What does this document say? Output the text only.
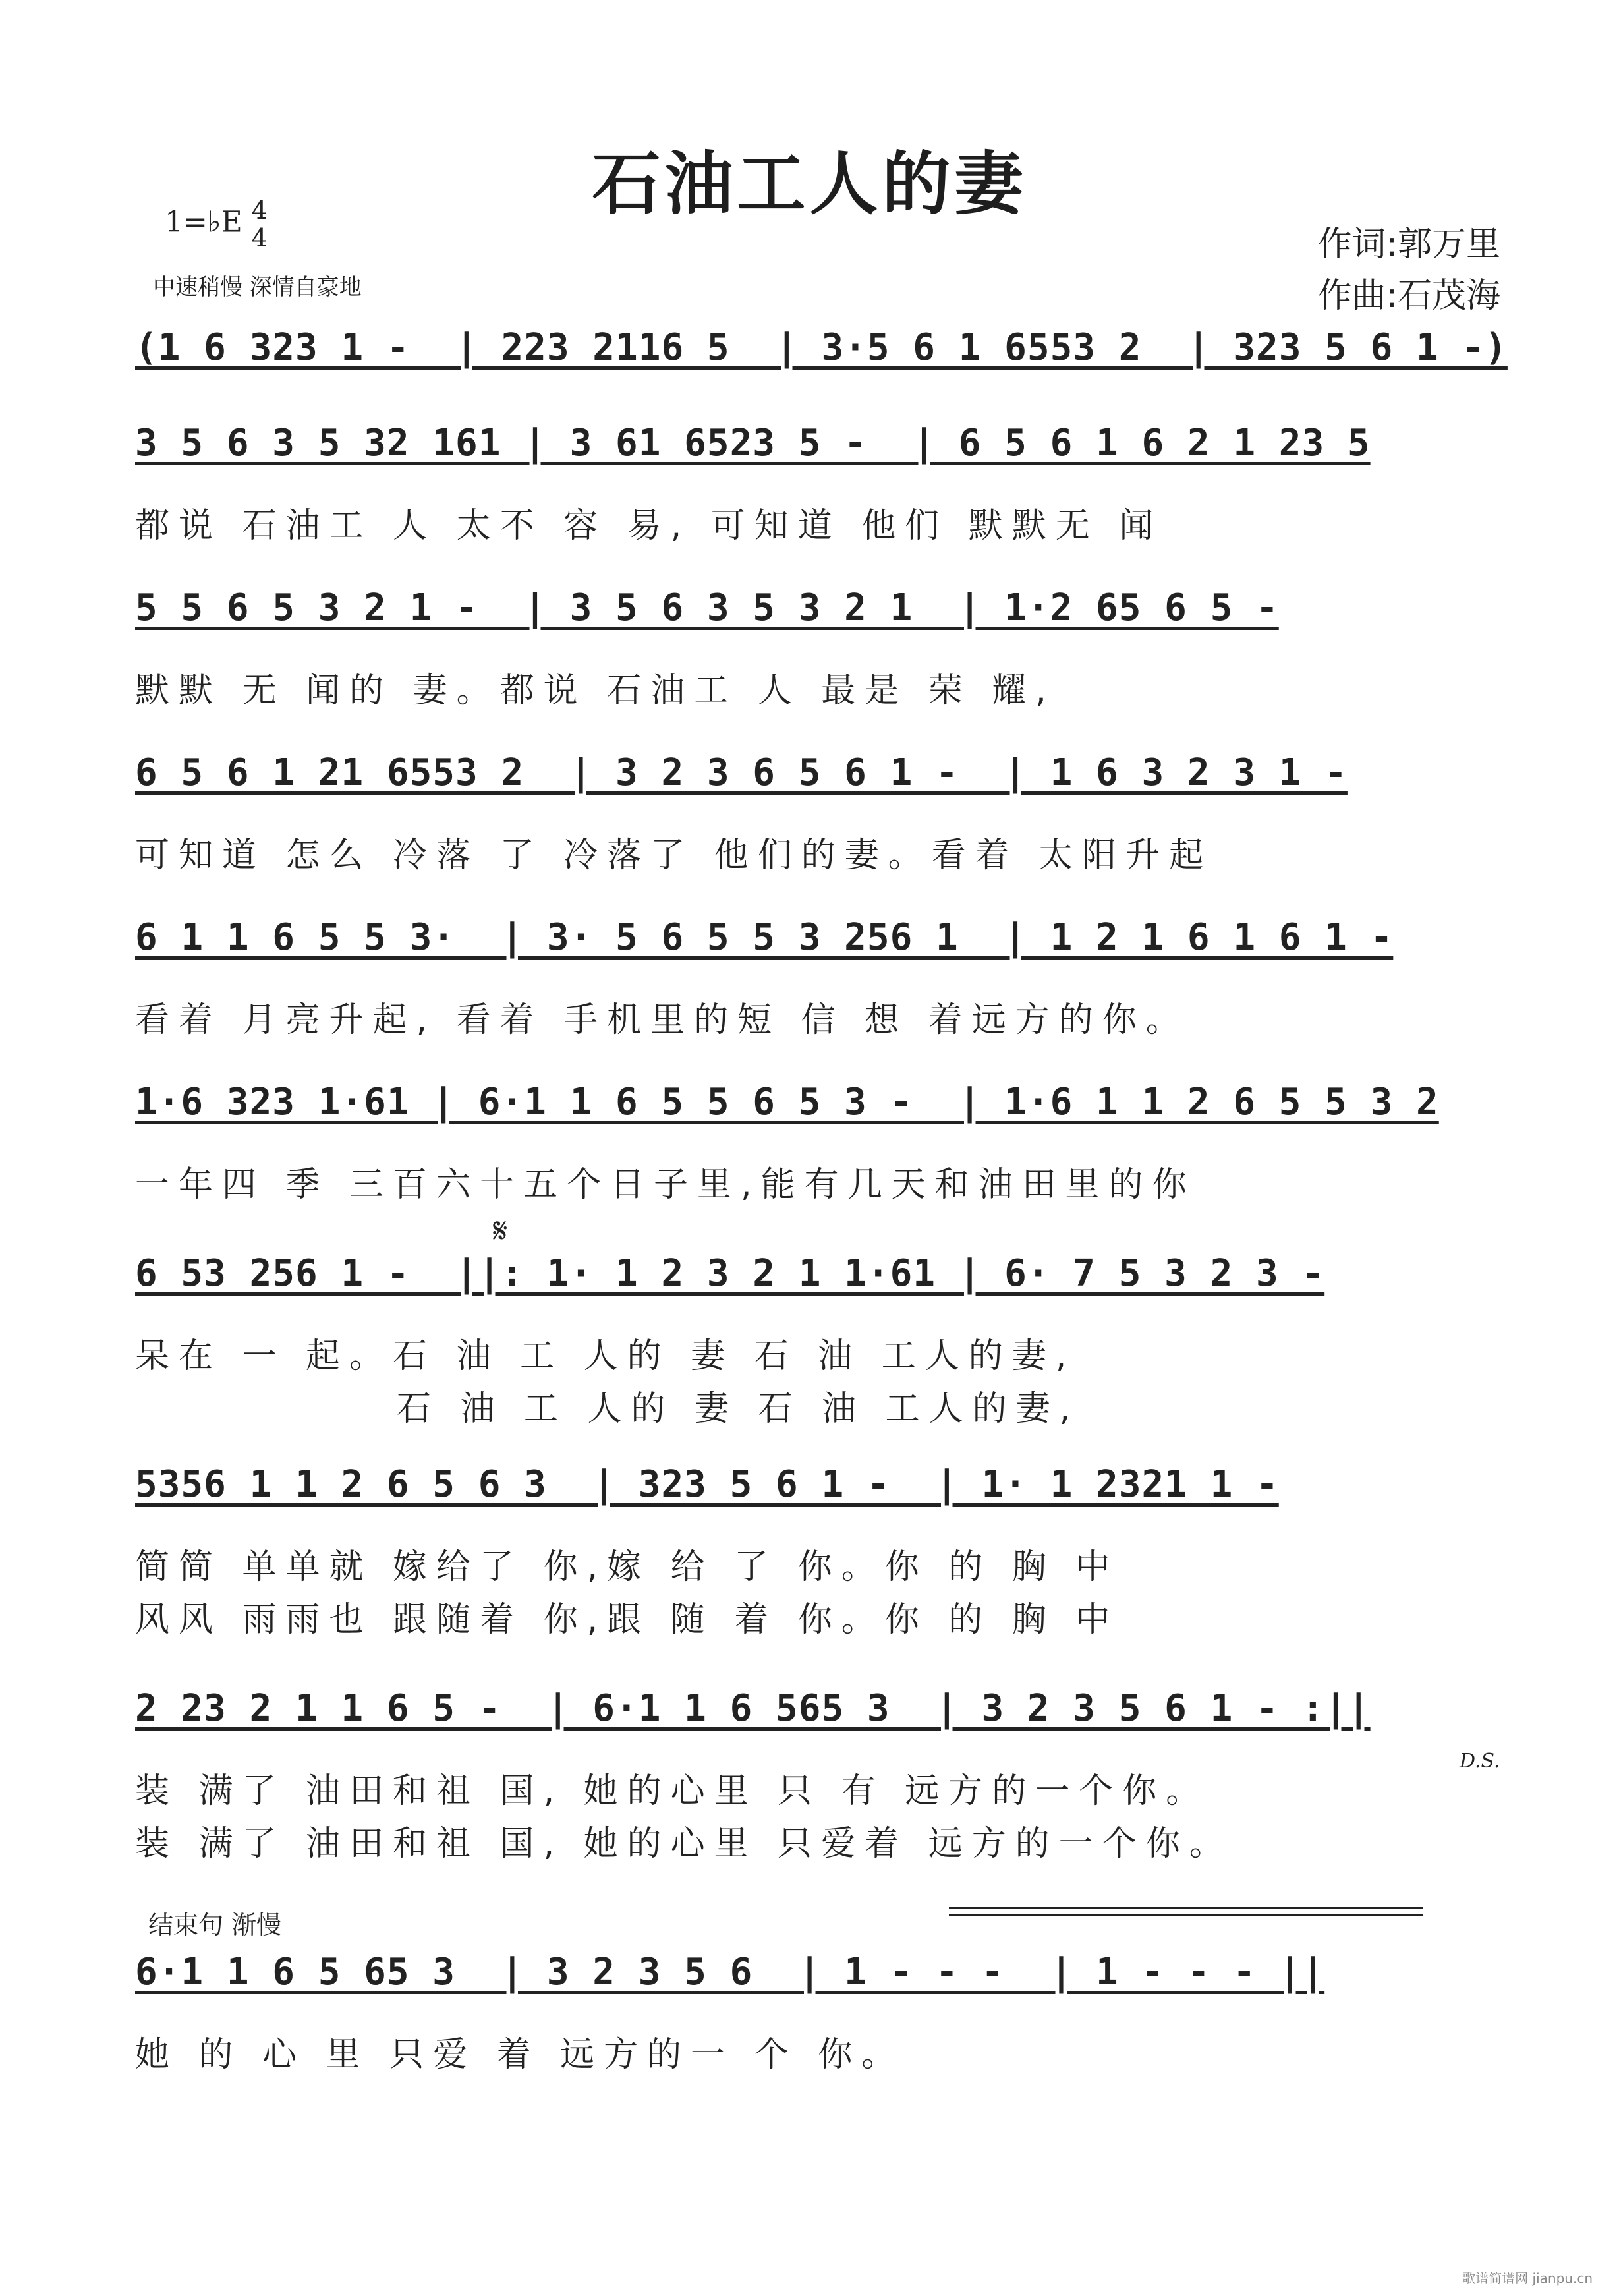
石油工人的妻
1=♭E 4
4
中速稍慢 深情自豪地
作词:郭万里
作曲:石茂海
(1 6 323 1 -  | 223 2116 5  | 3·5 6 1 6553 2  | 323 5 6 1 -)
3 5 6 3 5 32 161 | 3 61 6523 5 -  | 6 5 6 1 6 2 1 23 5
都说 石油工 人 太不 容 易, 可知道 他们 默默无 闻
5 5 6 5 3 2 1 -  | 3 5 6 3 5 3 2 1  | 1·2 65 6 5 -
默默 无 闻的 妻。都说 石油工 人 最是 荣 耀,
6 5 6 1 21 6553 2  | 3 2 3 6 5 6 1 -  | 1 6 3 2 3 1 -
可知道 怎么 冷落 了 冷落了 他们的妻。看着 太阳升起
6 1 1 6 5 5 3·  | 3· 5 6 5 5 3 256 1  | 1 2 1 6 1 6 1 -
看着 月亮升起, 看着 手机里的短 信 想 着远方的你。
1·6 323 1·61 | 6·1 1 6 5 5 6 5 3 -  | 1·6 1 1 2 6 5 5 3 2
一年四 季 三百六十五个日子里,能有几天和油田里的你
𝄋
6 53 256 1 -  ||: 1· 1 2 3 2 1 1·61 | 6· 7 5 3 2 3 -
呆在 一 起。石 油 工 人的 妻 石 油 工人的妻,
石 油 工 人的 妻 石 油 工人的妻,
5356 1 1 2 6 5 6 3  | 323 5 6 1 -  | 1· 1 2321 1 -
简简 单单就 嫁给了 你,嫁 给 了 你。你 的 胸 中
风风 雨雨也 跟随着 你,跟 随 着 你。你 的 胸 中
2 23 2 1 1 6 5 -  | 6·1 1 6 565 3  | 3 2 3 5 6 1 - :||
装 满了 油田和祖 国, 她的心里 只 有 远方的一个你。
装 满了 油田和祖 国, 她的心里 只爱着 远方的一个你。
D.S.
结束句 渐慢
6·1 1 6 5 65 3  | 3 2 3 5 6  | 1 - - -  | 1 - - - ||
她 的 心 里 只爱 着 远方的一 个 你。
歌谱简谱网 jianpu.cn
